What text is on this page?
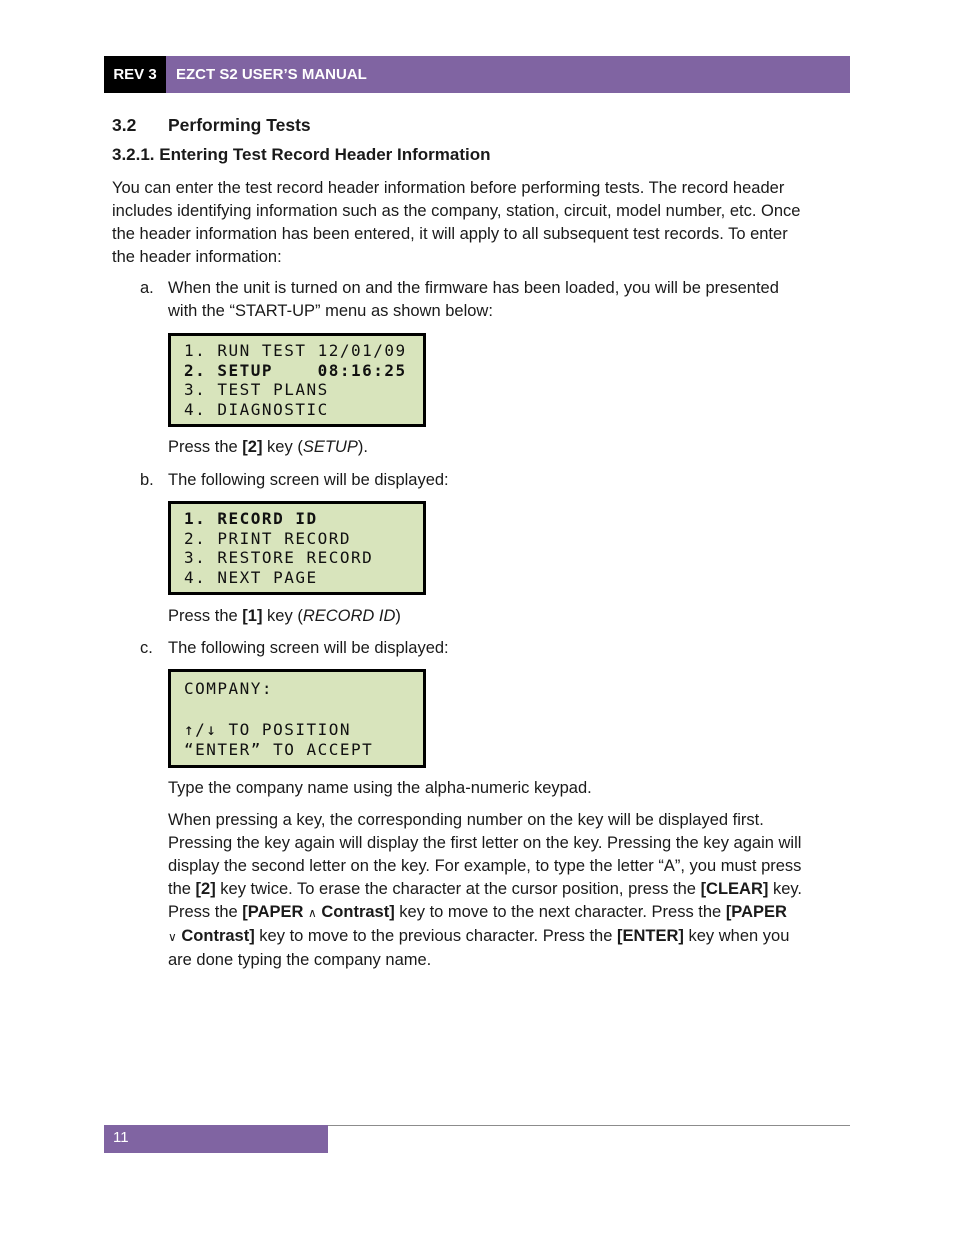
REV 3	EZCT S2 USER’S MANUAL
3.2 Performing Tests
3.2.1. Entering Test Record Header Information
You can enter the test record header information before performing tests. The record header
includes identifying information such as the company, station, circuit, model number, etc. Once
the header information has been entered, it will apply to all subsequent test records. To enter
the header information:
a. When the unit is turned on and the firmware has been loaded, you will be presented
with the “START-UP” menu as shown below:
1. RUN TEST 12/01/09
2. SETUP    08:16:25
3. TEST PLANS
4. DIAGNOSTIC
Press the [2] key (SETUP).
b. The following screen will be displayed:
1. RECORD ID
2. PRINT RECORD
3. RESTORE RECORD
4. NEXT PAGE
Press the [1] key (RECORD ID)
c. The following screen will be displayed:
COMPANY:
↑/↓ TO POSITION
“ENTER” TO ACCEPT
Type the company name using the alpha-numeric keypad.
When pressing a key, the corresponding number on the key will be displayed first.
Pressing the key again will display the first letter on the key. Pressing the key again will
display the second letter on the key. For example, to type the letter “A”, you must press
the [2] key twice. To erase the character at the cursor position, press the [CLEAR] key.
Press the [PAPER ∧ Contrast] key to move to the next character. Press the [PAPER
∨ Contrast] key to move to the previous character. Press the [ENTER] key when you
are done typing the company name.
11
